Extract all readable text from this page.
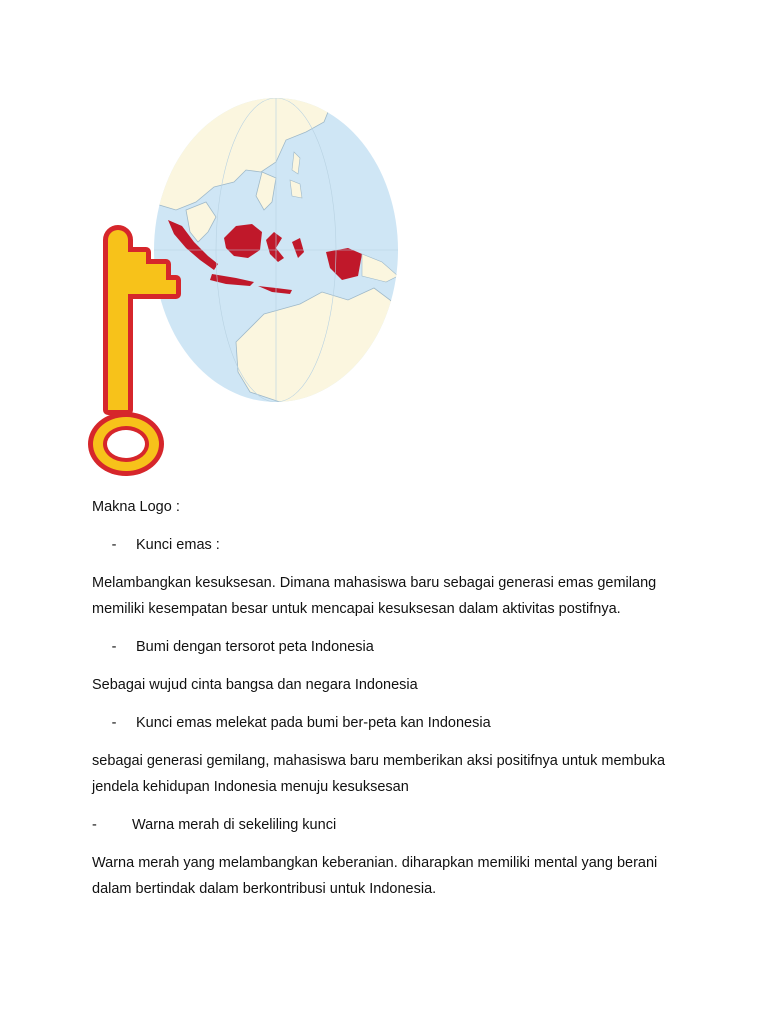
Makna Logo :

-	Kunci emas :

Melambangkan kesuksesan. Dimana mahasiswa baru sebagai generasi emas gemilang memiliki kesempatan besar untuk mencapai kesuksesan dalam aktivitas postifnya.

-	Bumi dengan tersorot peta Indonesia

Sebagai wujud cinta bangsa dan negara Indonesia

-	Kunci emas melekat pada bumi ber-peta kan Indonesia

sebagai generasi gemilang, mahasiswa baru memberikan aksi positifnya untuk membuka jendela kehidupan Indonesia menuju kesuksesan

-	Warna merah di sekeliling kunci

Warna merah yang melambangkan keberanian. diharapkan memiliki mental yang berani dalam bertindak dalam berkontribusi untuk Indonesia.
